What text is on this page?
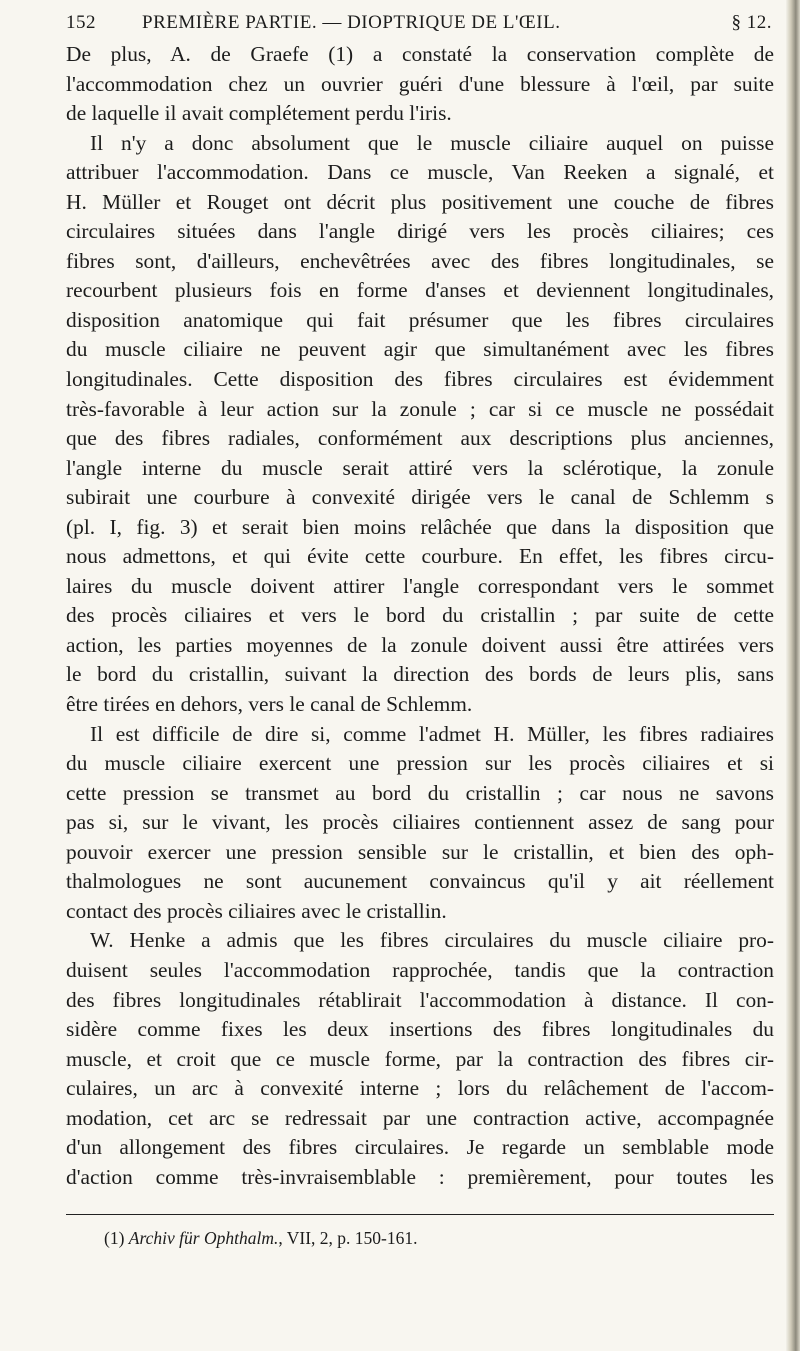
152 PREMIÈRE PARTIE. — DIOPTRIQUE DE L'ŒIL.	§ 12.
De plus, A. de Graefe (1) a constaté la conservation complète de
l'accommodation chez un ouvrier guéri d'une blessure à l'œil, par suite
de laquelle il avait complétement perdu l'iris.
Il n'y a donc absolument que le muscle ciliaire auquel on puisse
attribuer l'accommodation. Dans ce muscle, Van Reeken a signalé, et
H. Müller et Rouget ont décrit plus positivement une couche de fibres
circulaires situées dans l'angle dirigé vers les procès ciliaires; ces
fibres sont, d'ailleurs, enchevêtrées avec des fibres longitudinales, se
recourbent plusieurs fois en forme d'anses et deviennent longitudinales,
disposition anatomique qui fait présumer que les fibres circulaires
du muscle ciliaire ne peuvent agir que simultanément avec les fibres
longitudinales. Cette disposition des fibres circulaires est évidemment
très-favorable à leur action sur la zonule ; car si ce muscle ne possédait
que des fibres radiales, conformément aux descriptions plus anciennes,
l'angle interne du muscle serait attiré vers la sclérotique, la zonule
subirait une courbure à convexité dirigée vers le canal de Schlemm s
(pl. I, fig. 3) et serait bien moins relâchée que dans la disposition que
nous admettons, et qui évite cette courbure. En effet, les fibres circu-
laires du muscle doivent attirer l'angle correspondant vers le sommet
des procès ciliaires et vers le bord du cristallin ; par suite de cette
action, les parties moyennes de la zonule doivent aussi être attirées vers
le bord du cristallin, suivant la direction des bords de leurs plis, sans
être tirées en dehors, vers le canal de Schlemm.
Il est difficile de dire si, comme l'admet H. Müller, les fibres radiaires
du muscle ciliaire exercent une pression sur les procès ciliaires et si
cette pression se transmet au bord du cristallin ; car nous ne savons
pas si, sur le vivant, les procès ciliaires contiennent assez de sang pour
pouvoir exercer une pression sensible sur le cristallin, et bien des oph-
thalmologues ne sont aucunement convaincus qu'il y ait réellement
contact des procès ciliaires avec le cristallin.
W. Henke a admis que les fibres circulaires du muscle ciliaire pro-
duisent seules l'accommodation rapprochée, tandis que la contraction
des fibres longitudinales rétablirait l'accommodation à distance. Il con-
sidère comme fixes les deux insertions des fibres longitudinales du
muscle, et croit que ce muscle forme, par la contraction des fibres cir-
culaires, un arc à convexité interne ; lors du relâchement de l'accom-
modation, cet arc se redressait par une contraction active, accompagnée
d'un allongement des fibres circulaires. Je regarde un semblable mode
d'action comme très-invraisemblable : premièrement, pour toutes les
(1) Archiv für Ophthalm., VII, 2, p. 150-161.
